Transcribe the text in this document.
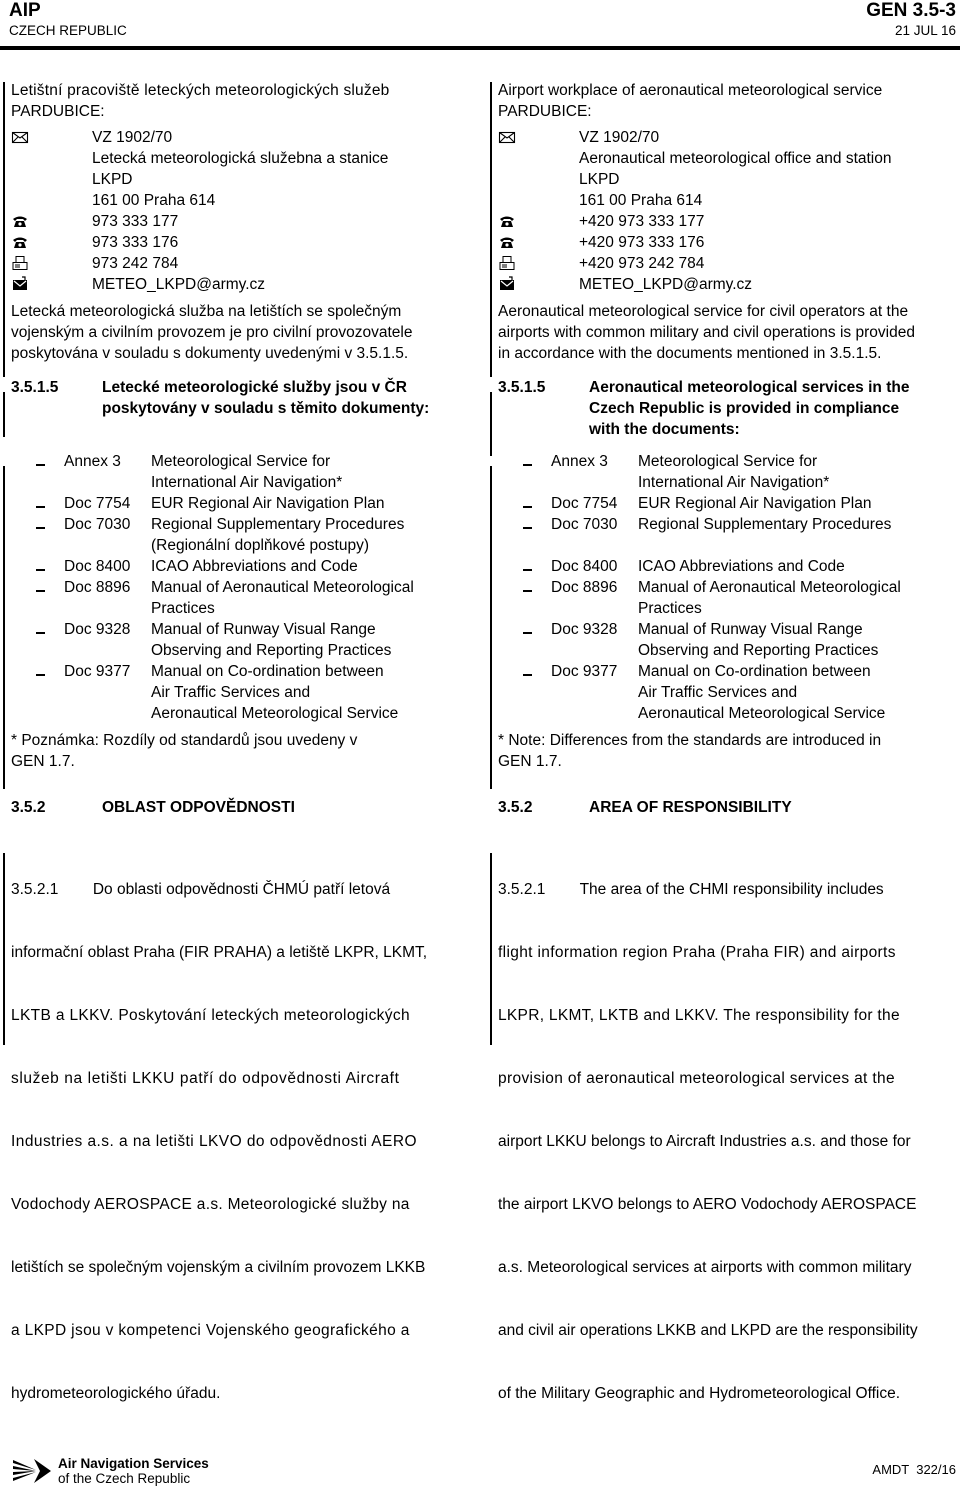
AIP
CZECH REPUBLIC
GEN 3.5-3
21 JUL 16
Letištní pracoviště leteckých meteorologických služeb
PARDUBICE:
VZ 1902/70
Letecká meteorologická služebna a stanice
LKPD
161 00 Praha 614
973 333 177
973 333 176
973 242 784
METEO_LKPD@army.cz
Letecká meteorologická služba na letištích se společným
vojenským a civilním provozem je pro civilní provozovatele
poskytována v souladu s dokumenty uvedenými v 3.5.1.5.
3.5.1.5	Letecké meteorologické služby jsou v ČR
poskytovány v souladu s těmito dokumenty:
Annex 3 Meteorological Service for
International Air Navigation*
Doc 7754 EUR Regional Air Navigation Plan
Doc 7030 Regional Supplementary Procedures
(Regionální doplňkové postupy)
Doc 8400 ICAO Abbreviations and Code
Doc 8896 Manual of Aeronautical Meteorological
Practices
Doc 9328 Manual of Runway Visual Range
Observing and Reporting Practices
Doc 9377 Manual on Co-ordination between
Air Traffic Services and
Aeronautical Meteorological Service
* Poznámka: Rozdíly od standardů jsou uvedeny v
GEN 1.7.
3.5.2	OBLAST ODPOVĚDNOSTI

3.5.2.1        Do oblasti odpovědnosti ČHMÚ patří letová

informační oblast Praha (FIR PRAHA) a letiště LKPR, LKMT,

LKTB a LKKV. Poskytování leteckých meteorologických

služeb na letišti LKKU patří do odpovědnosti Aircraft

Industries a.s. a na letišti LKVO do odpovědnosti AERO

Vodochody AEROSPACE a.s. Meteorologické služby na

letištích se společným vojenským a civilním provozem LKKB

a LKPD jsou v kompetenci Vojenského geografického a

hydrometeorologického úřadu.

Airport workplace of aeronautical meteorological service
PARDUBICE:
VZ 1902/70
Aeronautical meteorological office and station
LKPD
161 00 Praha 614
+420 973 333 177
+420 973 333 176
+420 973 242 784
METEO_LKPD@army.cz
Aeronautical meteorological service for civil operators at the
airports with common military and civil operations is provided
in accordance with the documents mentioned in 3.5.1.5.
3.5.1.5	Aeronautical meteorological services in the
Czech Republic is provided in compliance
with the documents:
Annex 3 Meteorological Service for
International Air Navigation*
Doc 7754 EUR Regional Air Navigation Plan
Doc 7030 Regional Supplementary Procedures
Doc 8400 ICAO Abbreviations and Code
Doc 8896 Manual of Aeronautical Meteorological
Practices
Doc 9328 Manual of Runway Visual Range
Observing and Reporting Practices
Doc 9377 Manual on Co-ordination between
Air Traffic Services and
Aeronautical Meteorological Service
* Note: Differences from the standards are introduced in
GEN 1.7.
3.5.2	AREA OF RESPONSIBILITY

3.5.2.1        The area of the CHMI responsibility includes

flight information region Praha (Praha FIR) and airports

LKPR, LKMT, LKTB and LKKV. The responsibility for the

provision of aeronautical meteorological services at the

airport LKKU belongs to Aircraft Industries a.s. and those for

the airport LKVO belongs to AERO Vodochody AEROSPACE

a.s. Meteorological services at airports with common military

and civil air operations LKKB and LKPD are the responsibility

of the Military Geographic and Hydrometeorological Office.

Air Navigation Services
of the Czech Republic
AMDT  322/16
